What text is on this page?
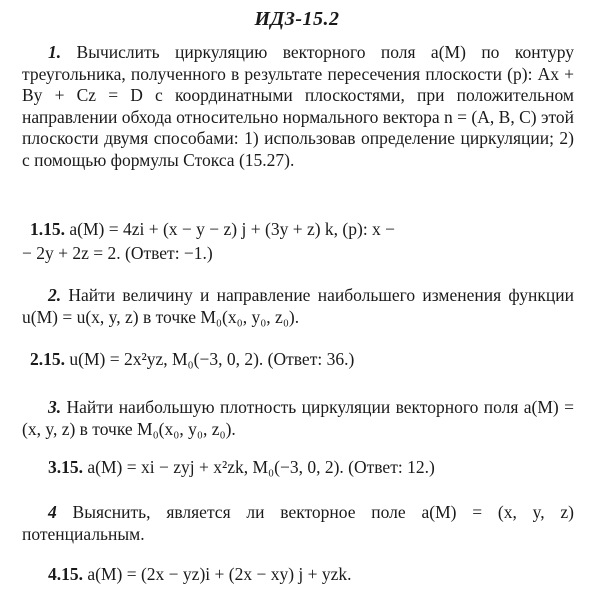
ИДЗ-15.2
1. Вычислить циркуляцию векторного поля a(M) по контуру треугольника, полученного в результате пересечения плоскости (p): Ax + By + Cz = D с координатными плоскостями, при положительном направлении обхода относительно нормального вектора n = (A, B, C) этой плоскости двумя способами: 1) использовав определение циркуляции; 2) с помощью формулы Стокса (15.27).
1.15. a(M) = 4zi + (x − y − z) j + (3y + z) k, (p): x −
− 2y + 2z = 2. (Ответ: −1.)
2. Найти величину и направление наибольшего изменения функции u(M) = u(x, y, z) в точке M₀(x₀, y₀, z₀).
2.15. u(M) = 2x²yz, M₀(−3, 0, 2). (Ответ: 36.)
3. Найти наибольшую плотность циркуляции векторного поля a(M) = (x, y, z) в точке M₀(x₀, y₀, z₀).
3.15. a(M) = xi − zyj + x²zk, M₀(−3, 0, 2). (Ответ: 12.)
4 Выяснить, является ли векторное поле a(M) = (x, y, z) потенциальным.
4.15. a(M) = (2x − yz)i + (2x − xy) j + yzk.
